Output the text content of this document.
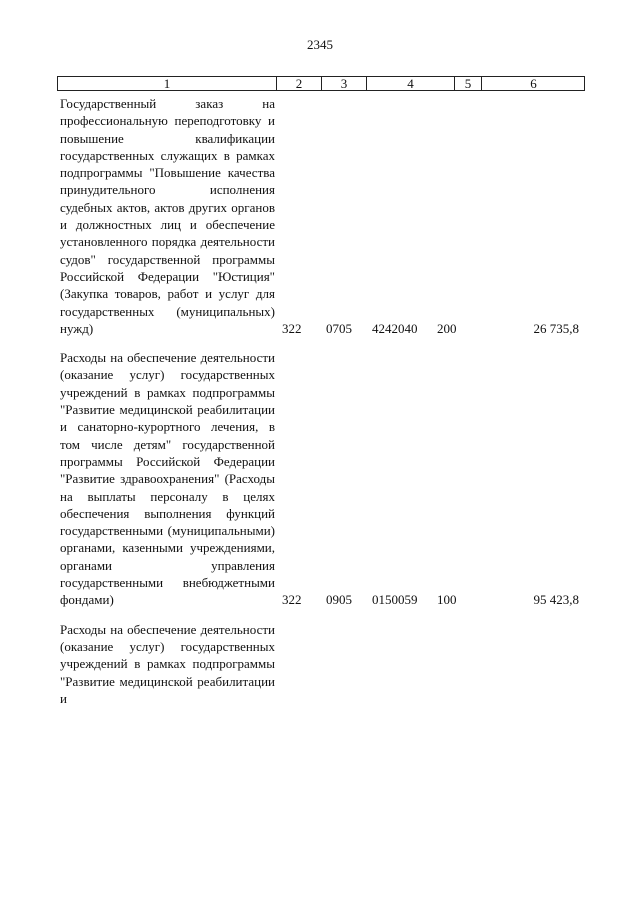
2345
1	2	3	4	5	6

Государственный заказ на профессиональную переподготовку и повышение квалификации государственных служащих в рамках подпрограммы "Повышение качества принудительного исполнения судебных актов, актов других органов и должностных лиц и обеспечение установленного порядка деятельности судов" государственной программы Российской Федерации "Юстиция" (Закупка товаров, работ и услуг для государственных (муниципальных) нужд)	322 0705 4242040 200	26 735,8

Расходы на обеспечение деятельности (оказание услуг) государственных учреждений в рамках подпрограммы "Развитие медицинской реабилитации и санаторно-курортного лечения, в том числе детям" государственной программы Российской Федерации "Развитие здравоохранения" (Расходы на выплаты персоналу в целях обеспечения выполнения функций государственными (муниципальными) органами, казенными учреждениями, органами управления государственными внебюджетными фондами)	322 0905 0150059 100	95 423,8

Расходы на обеспечение деятельности (оказание услуг) государственных учреждений в рамках подпрограммы "Развитие медицинской реабилитации и
